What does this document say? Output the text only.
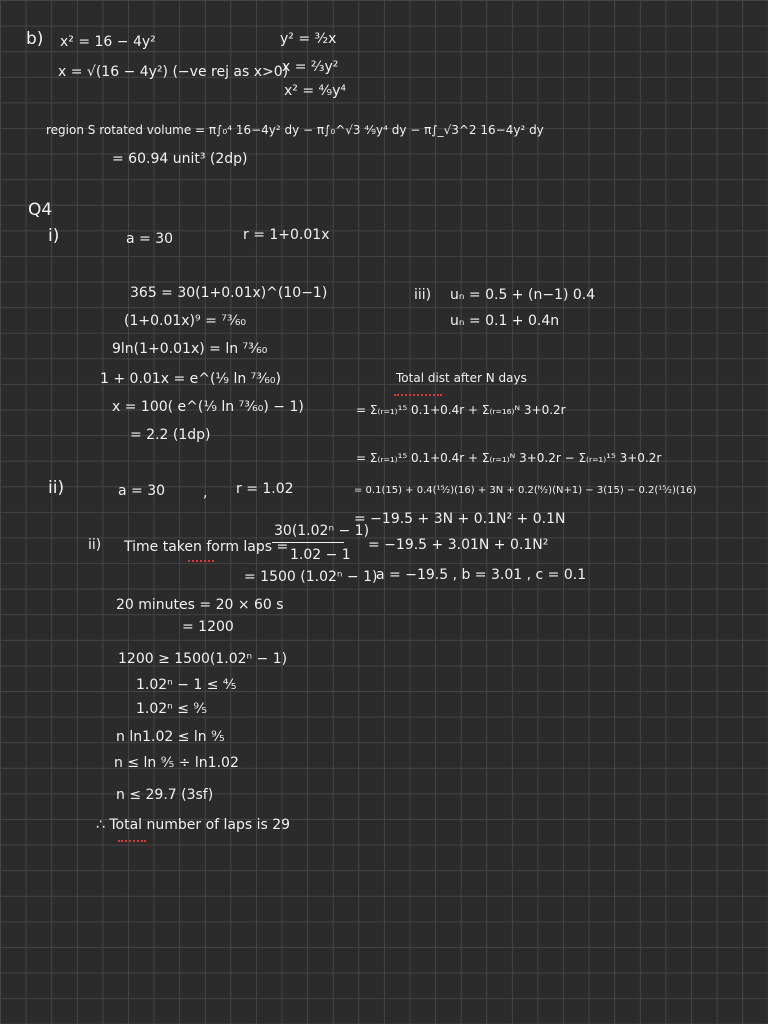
b) x² = 16 − 4y²
x = √(16 − 4y²) (−ve rej as x>0)
y² = ³⁄₂x
x = ²⁄₃y²
x² = ⁴⁄₉y⁴
region S rotated volume = π∫₀⁴ 16−4y² dy − π∫₀^√3 ⁴⁄₉y⁴ dy − π∫_√3^2 16−4y² dy
= 60.94 unit³ (2dp)
Q4
i)	a = 30	r = 1+0.01x
365 = 30(1+0.01x)^(10−1)
(1+0.01x)⁹ = ⁷³⁄₆₀
9ln(1+0.01x) = ln ⁷³⁄₆₀
1 + 0.01x = e^(⅑ ln ⁷³⁄₆₀)
x = 100( e^(⅑ ln ⁷³⁄₆₀) − 1)
= 2.2 (1dp)
ii)	a = 30	, r = 1.02
ii) Time taken form laps =
30(1.02ⁿ − 1)
1.02 − 1
= 1500 (1.02ⁿ − 1)
20 minutes = 20 × 60 s
= 1200
1200 ≥ 1500(1.02ⁿ − 1)
1.02ⁿ − 1 ≤ ⅘
1.02ⁿ ≤ ⁹⁄₅
n ln1.02 ≤ ln ⁹⁄₅
n ≤ ln ⁹⁄₅ ÷ ln1.02
n ≤ 29.7 (3sf)
∴ Total number of laps is 29
iii) uₙ = 0.5 + (n−1) 0.4
uₙ = 0.1 + 0.4n
Total dist after N days
= Σ₍ᵣ₌₁₎¹⁵ 0.1+0.4r + Σ₍ᵣ₌₁₆₎ᴺ 3+0.2r
= Σ₍ᵣ₌₁₎¹⁵ 0.1+0.4r + Σ₍ᵣ₌₁₎ᴺ 3+0.2r − Σ₍ᵣ₌₁₎¹⁵ 3+0.2r
= 0.1(15) + 0.4(¹⁵⁄₂)(16) + 3N + 0.2(ᴺ⁄₂)(N+1) − 3(15) − 0.2(¹⁵⁄₂)(16)
= −19.5 + 3N + 0.1N² + 0.1N
= −19.5 + 3.01N + 0.1N²
a = −19.5 , b = 3.01 , c = 0.1
